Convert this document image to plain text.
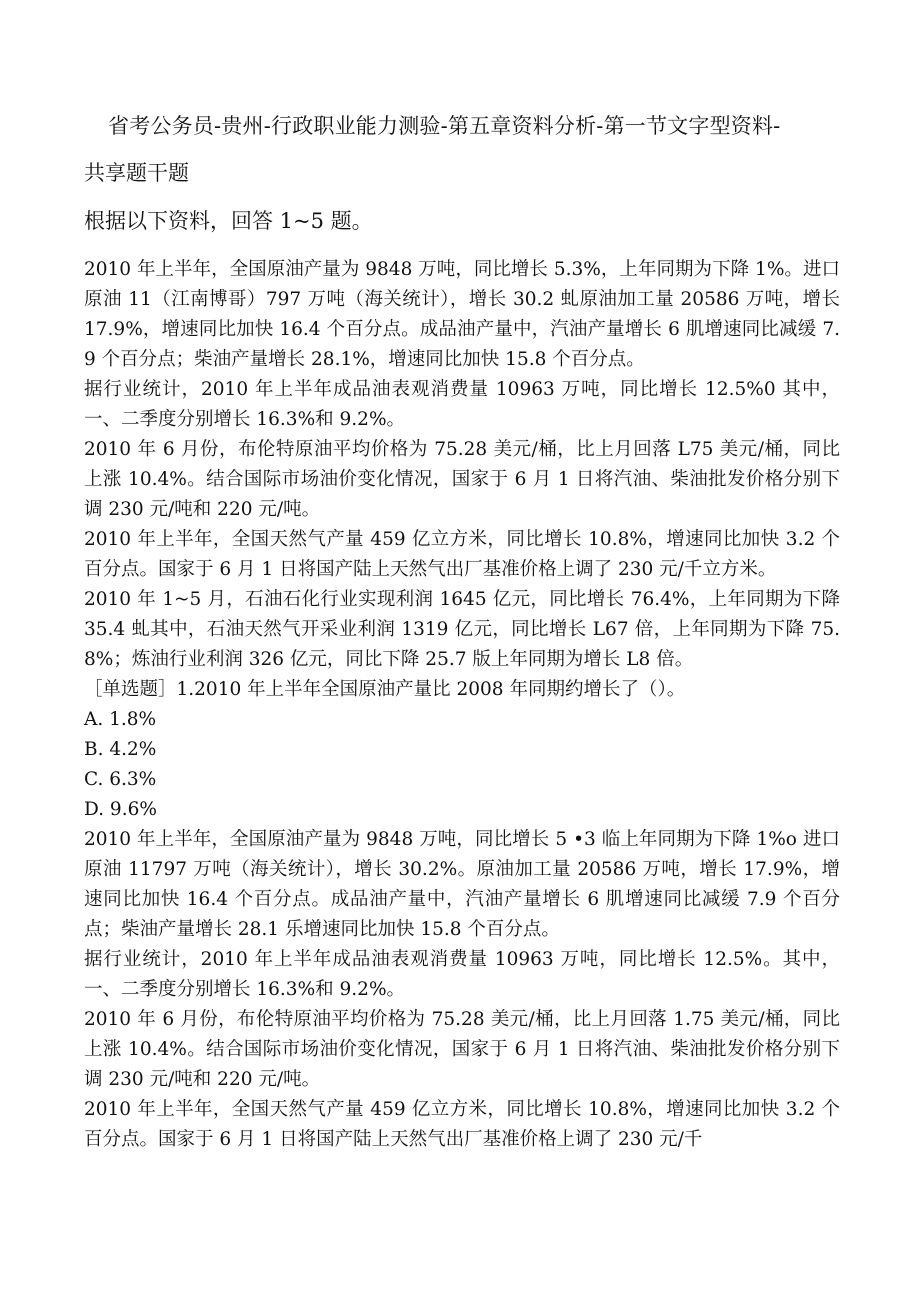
省考公务员-贵州-行政职业能力测验-第五章资料分析-第一节文字型资料-
共享题干题
根据以下资料，回答 1~5 题。

2010 年上半年，全国原油产量为 9848 万吨，同比增长 5.3%，上年同期为下降 1%。进口原油 11（江南博哥）797 万吨（海关统计），增长 30.2 虬原油加工量 20586 万吨，增长 17.9%，增速同比加快 16.4 个百分点。成品油产量中，汽油产量增长 6 肌增速同比减缓 7.9 个百分点；柴油产量增长 28.1%，增速同比加快 15.8 个百分点。

据行业统计，2010 年上半年成品油表观消费量 10963 万吨，同比增长 12.5%0 其中，一、二季度分别增长 16.3%和 9.2%。

2010 年 6 月份，布伦特原油平均价格为 75.28 美元/桶，比上月回落 L75 美元/桶，同比上涨 10.4%。结合国际市场油价变化情况，国家于 6 月 1 日将汽油、柴油批发价格分别下调 230 元/吨和 220 元/吨。

2010 年上半年，全国天然气产量 459 亿立方米，同比增长 10.8%，增速同比加快 3.2 个百分点。国家于 6 月 1 日将国产陆上天然气出厂基准价格上调了 230 元/千立方米。

2010 年 1~5 月，石油石化行业实现利润 1645 亿元，同比增长 76.4%，上年同期为下降 35.4 虬其中，石油天然气开采业利润 1319 亿元，同比增长 L67 倍，上年同期为下降 75.8%；炼油行业利润 326 亿元，同比下降 25.7 版上年同期为增长 L8 倍。

［单选题］1.2010 年上半年全国原油产量比 2008 年同期约增长了（）。

A. 1.8%
B. 4.2%
C. 6.3%
D. 9.6%

2010 年上半年，全国原油产量为 9848 万吨，同比增长 5 •3 临上年同期为下降 1%o 进口原油 11797 万吨（海关统计），增长 30.2%。原油加工量 20586 万吨，增长 17.9%，增速同比加快 16.4 个百分点。成品油产量中，汽油产量增长 6 肌增速同比减缓 7.9 个百分点；柴油产量增长 28.1 乐增速同比加快 15.8 个百分点。

据行业统计，2010 年上半年成品油表观消费量 10963 万吨，同比增长 12.5%。其中，一、二季度分别增长 16.3%和 9.2%。

2010 年 6 月份，布伦特原油平均价格为 75.28 美元/桶，比上月回落 1.75 美元/桶，同比上涨 10.4%。结合国际市场油价变化情况，国家于 6 月 1 日将汽油、柴油批发价格分别下调 230 元/吨和 220 元/吨。

2010 年上半年，全国天然气产量 459 亿立方米，同比增长 10.8%，增速同比加快 3.2 个百分点。国家于 6 月 1 日将国产陆上天然气出厂基准价格上调了 230 元/千
